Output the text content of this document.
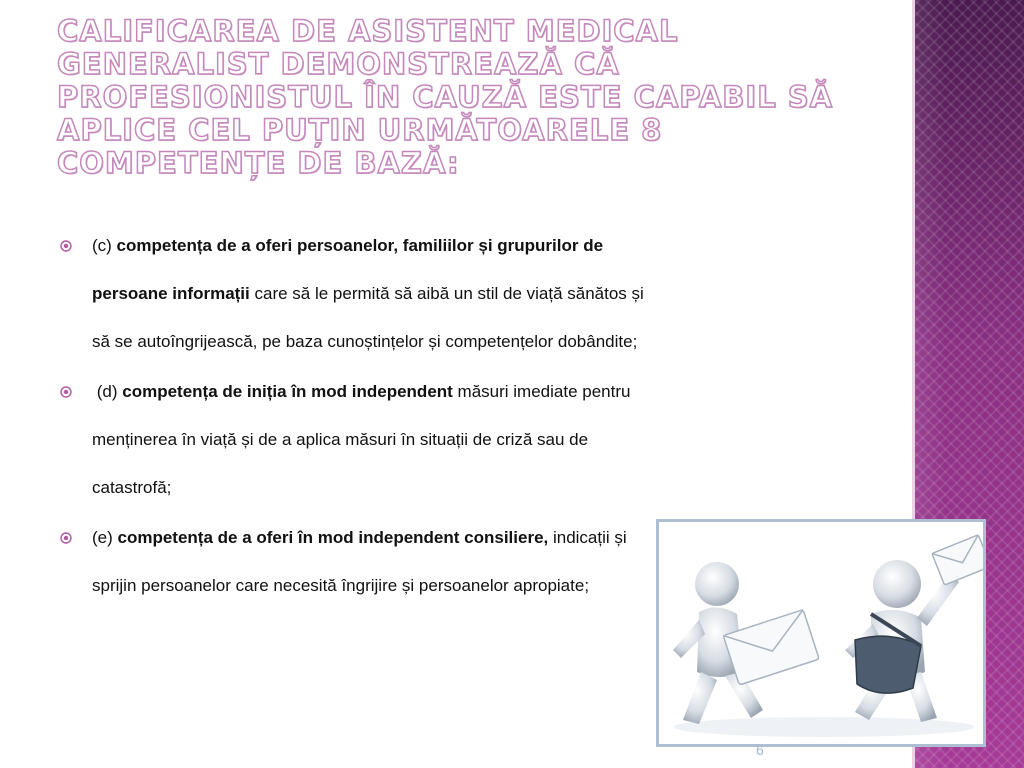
CALIFICAREA DE ASISTENT MEDICAL GENERALIST DEMONSTREAZĂ CĂ PROFESIONISTUL ÎN CAUZĂ ESTE CAPABIL SĂ APLICE CEL PUȚIN URMĂTOARELE 8 COMPETENȚE DE BAZĂ:
(c) competența de a oferi persoanelor, familiilor și grupurilor de persoane informații care să le permită să aibă un stil de viață sănătos și să se autoîngrijească, pe baza cunoștințelor și competențelor dobândite;
(d) competența de iniția în mod independent măsuri imediate pentru menținerea în viață și de a aplica măsuri în situații de criză sau de catastrofă;
(e) competența de a oferi în mod independent consiliere, indicații și sprijin persoanelor care necesită îngrijire și persoanelor apropiate;
6
